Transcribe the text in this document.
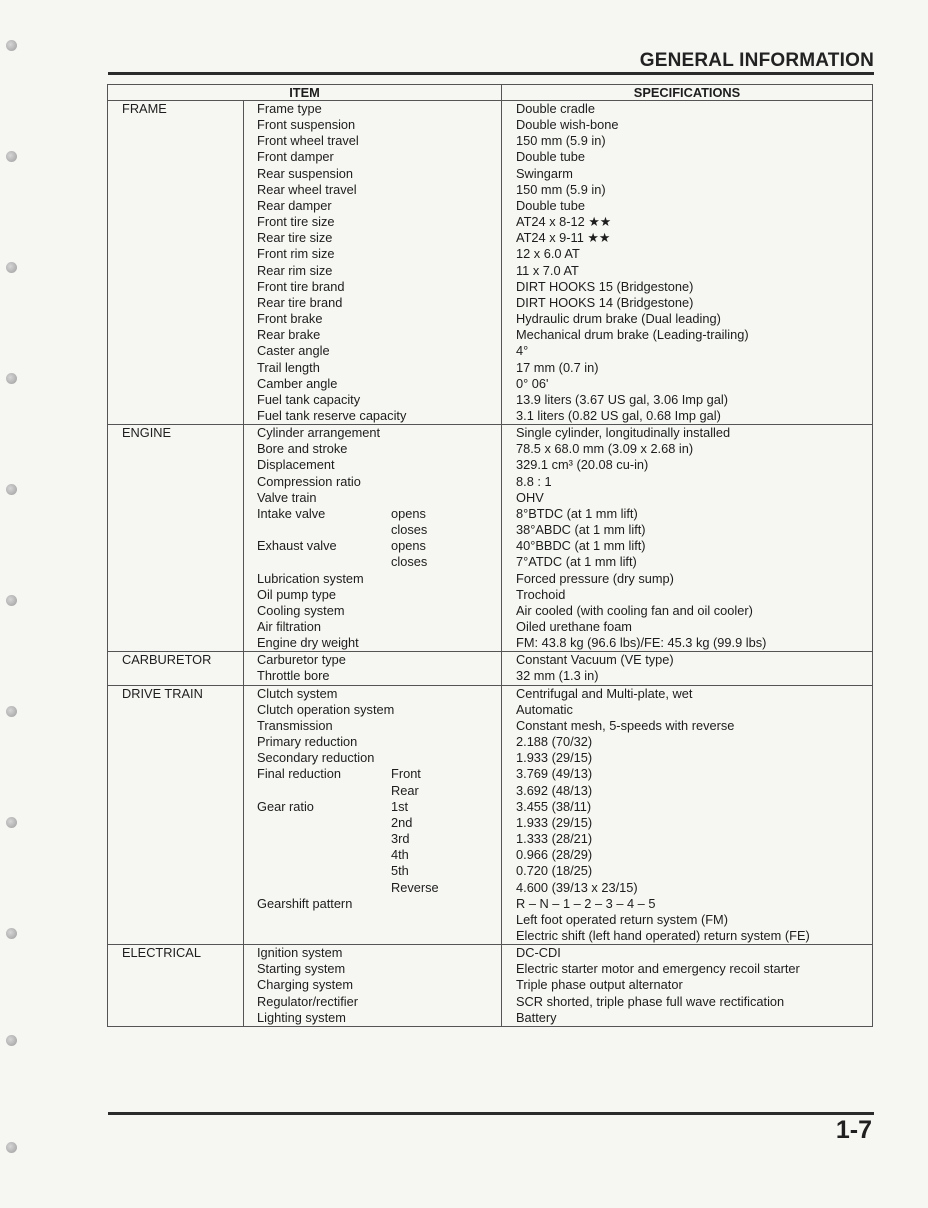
GENERAL INFORMATION
ITEM		SPECIFICATIONS
FRAME	Frame type	Double cradle
	Front suspension	Double wish-bone
	Front wheel travel	150 mm (5.9 in)
	Front damper	Double tube
	Rear suspension	Swingarm
	Rear wheel travel	150 mm (5.9 in)
	Rear damper	Double tube
	Front tire size	AT24 x 8-12 ★★
	Rear tire size	AT24 x 9-11 ★★
	Front rim size	12 x 6.0 AT
	Rear rim size	11 x 7.0 AT
	Front tire brand	DIRT HOOKS 15 (Bridgestone)
	Rear tire brand	DIRT HOOKS 14 (Bridgestone)
	Front brake	Hydraulic drum brake (Dual leading)
	Rear brake	Mechanical drum brake (Leading-trailing)
	Caster angle	4°
	Trail length	17 mm (0.7 in)
	Camber angle	0° 06'
	Fuel tank capacity	13.9 liters (3.67 US gal, 3.06 Imp gal)
	Fuel tank reserve capacity	3.1 liters (0.82 US gal, 0.68 Imp gal)
ENGINE	Cylinder arrangement	Single cylinder, longitudinally installed
	Bore and stroke	78.5 x 68.0 mm (3.09 x 2.68 in)
	Displacement	329.1 cm³ (20.08 cu-in)
	Compression ratio	8.8 : 1
	Valve train	OHV
	Intake valve opens	8°BTDC (at 1 mm lift)

	closes	38°ABDC (at 1 mm lift)
	Exhaust valve opens	40°BBDC (at 1 mm lift)

	closes	7°ATDC (at 1 mm lift)
	Lubrication system	Forced pressure (dry sump)
	Oil pump type	Trochoid
	Cooling system	Air cooled (with cooling fan and oil cooler)
	Air filtration	Oiled urethane foam
	Engine dry weight	FM: 43.8 kg (96.6 lbs)/FE: 45.3 kg (99.9 lbs)
CARBURETOR	Carburetor type	Constant Vacuum (VE type)
	Throttle bore	32 mm (1.3 in)
DRIVE TRAIN	Clutch system	Centrifugal and Multi-plate, wet
	Clutch operation system	Automatic
	Transmission	Constant mesh, 5-speeds with reverse
	Primary reduction	2.188 (70/32)
	Secondary reduction	1.933 (29/15)
	Final reduction Front	3.769 (49/13)

	Rear	3.692 (48/13)
	Gear ratio 1st	3.455 (38/11)

	2nd	1.933 (29/15)

	3rd	1.333 (28/21)

	4th	0.966 (28/29)

	5th	0.720 (18/25)

	Reverse	4.600 (39/13 x 23/15)
	Gearshift pattern	R – N – 1 – 2 – 3 – 4 – 5
		Left foot operated return system (FM)
		Electric shift (left hand operated) return system (FE)
ELECTRICAL	Ignition system	DC-CDI
	Starting system	Electric starter motor and emergency recoil starter
	Charging system	Triple phase output alternator
	Regulator/rectifier	SCR shorted, triple phase full wave rectification
	Lighting system	Battery
1-7
